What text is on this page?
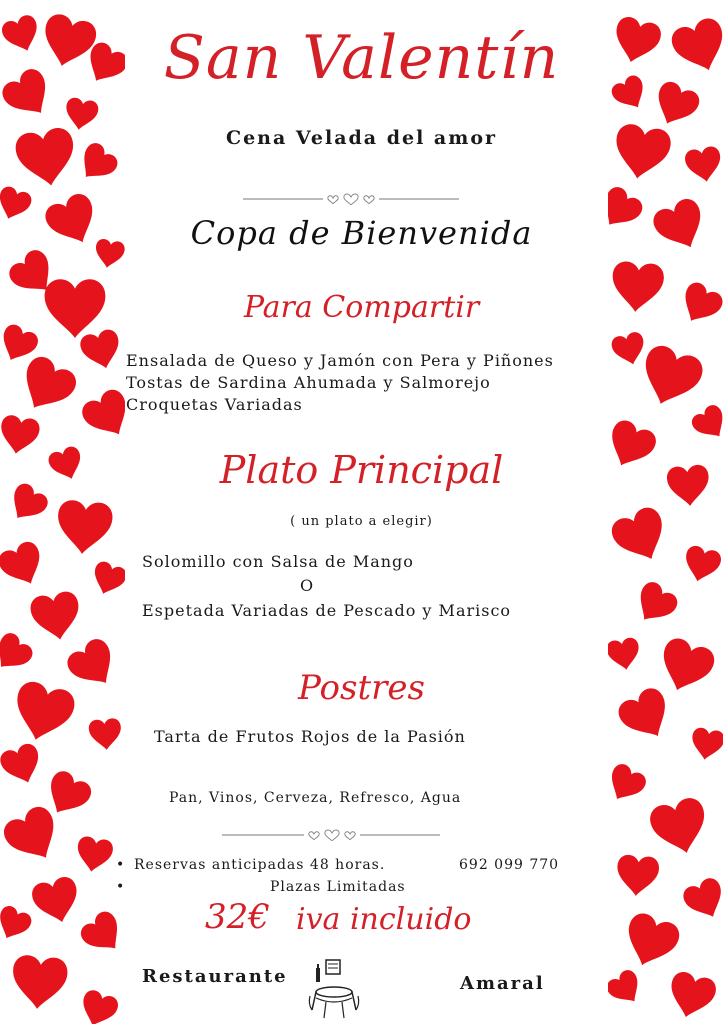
San Valentín
Cena Velada del amor
Copa de Bienvenida
Para Compartir
Ensalada de Queso y Jamón con Pera y Piñones
Tostas de Sardina Ahumada y Salmorejo
Croquetas Variadas
Plato Principal
( un plato a elegir)
Solomillo con Salsa de Mango
O
Espetada Variadas de Pescado y Marisco
Postres
Tarta de Frutos Rojos de la Pasión
Pan, Vinos, Cerveza, Refresco, Agua
• Reservas anticipadas 48 horas.	692 099 770
• Plazas Limitadas
32€ iva incluido
Restaurante	Amaral
